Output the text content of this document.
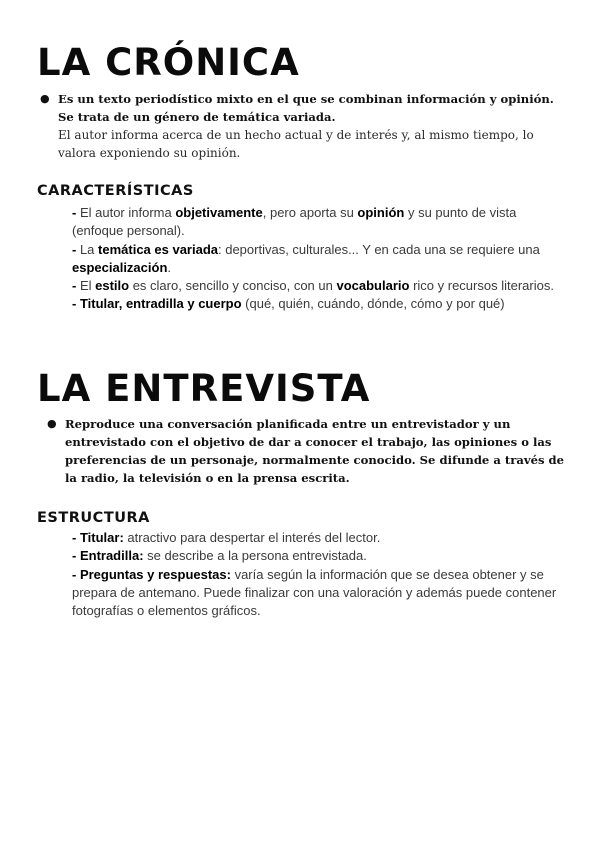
LA CRÓNICA
● Es un texto periodístico mixto en el que se combinan información y opinión. Se trata de un género de temática variada.

El autor informa acerca de un hecho actual y de interés y, al mismo tiempo, lo valora exponiendo su opinión.

CARACTERÍSTICAS
- El autor informa objetivamente, pero aporta su opinión y su punto de vista (enfoque personal).
- La temática es variada: deportivas, culturales... Y en cada una se requiere una especialización.
- El estilo es claro, sencillo y conciso, con un vocabulario rico y recursos literarios.
- Titular, entradilla y cuerpo (qué, quién, cuándo, dónde, cómo y por qué)
LA ENTREVISTA
● Reproduce una conversación planificada entre un entrevistador y un entrevistado con el objetivo de dar a conocer el trabajo, las opiniones o las preferencias de un personaje, normalmente conocido. Se difunde a través de la radio, la televisión o en la prensa escrita.
ESTRUCTURA
- Titular: atractivo para despertar el interés del lector.
- Entradilla: se describe a la persona entrevistada.
- Preguntas y respuestas: varía según la información que se desea obtener y se prepara de antemano. Puede finalizar con una valoración y además puede contener fotografías o elementos gráficos.
